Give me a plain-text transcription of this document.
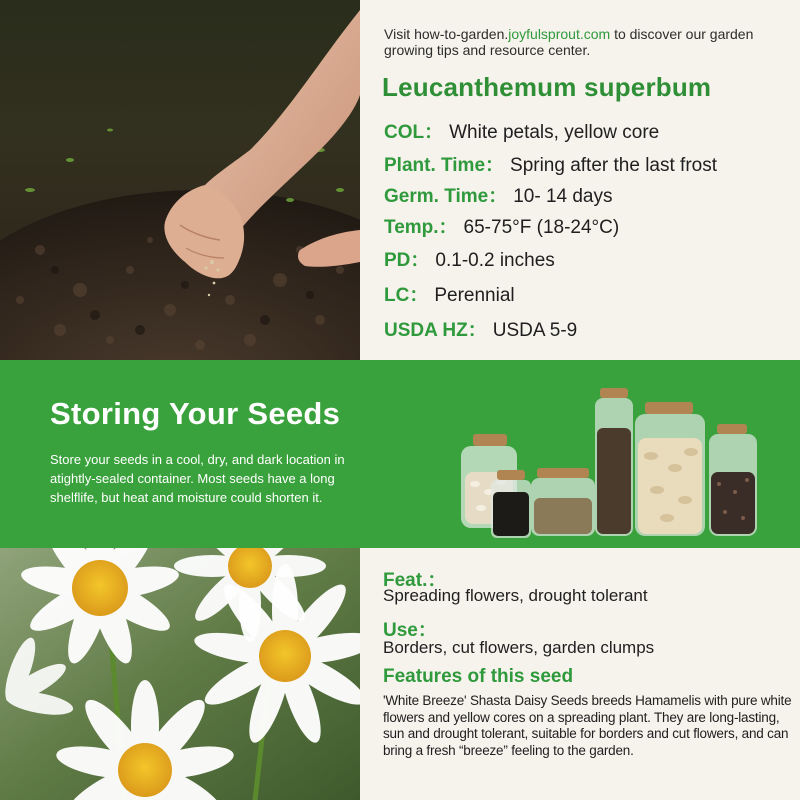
Visit how-to-garden.joyfulsprout.com to discover our garden growing tips and resource center.

Leucanthemum superbum
COL： White petals, yellow core
Plant. Time： Spring after the last frost
Germ. Time： 10- 14 days
Temp.： 65-75°F (18-24°C)
PD： 0.1-0.2 inches
LC： Perennial
USDA HZ： USDA 5-9
Storing Your Seeds

Store your seeds in a cool, dry, and dark location in atightly-sealed container. Most seeds have a long shelflife, but heat and moisture could shorten it.

Feat.：
Spreading flowers, drought tolerant
Use：
Borders, cut flowers, garden clumps
Features of this seed

'White Breeze' Shasta Daisy Seeds breeds Hamamelis with pure white flowers and yellow cores on a spreading plant. They are long-lasting, sun and drought tolerant, suitable for borders and cut flowers, and can bring a fresh “breeze” feeling to the garden.
